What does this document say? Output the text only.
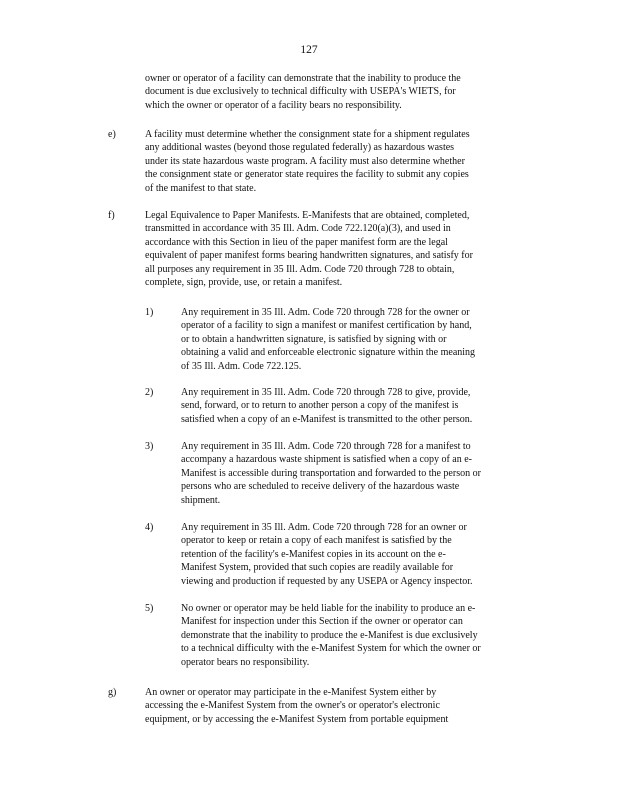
127
owner or operator of a facility can demonstrate that the inability to produce the
document is due exclusively to technical difficulty with USEPA's WIETS, for
which the owner or operator of a facility bears no responsibility.
e)	A facility must determine whether the consignment state for a shipment regulates
any additional wastes (beyond those regulated federally) as hazardous wastes
under its state hazardous waste program. A facility must also determine whether
the consignment state or generator state requires the facility to submit any copies
of the manifest to that state.
f)	Legal Equivalence to Paper Manifests. E-Manifests that are obtained, completed,
transmitted in accordance with 35 Ill. Adm. Code 722.120(a)(3), and used in
accordance with this Section in lieu of the paper manifest form are the legal
equivalent of paper manifest forms bearing handwritten signatures, and satisfy for
all purposes any requirement in 35 Ill. Adm. Code 720 through 728 to obtain,
complete, sign, provide, use, or retain a manifest.
1)	Any requirement in 35 Ill. Adm. Code 720 through 728 for the owner or
operator of a facility to sign a manifest or manifest certification by hand,
or to obtain a handwritten signature, is satisfied by signing with or
obtaining a valid and enforceable electronic signature within the meaning
of 35 Ill. Adm. Code 722.125.
2)	Any requirement in 35 Ill. Adm. Code 720 through 728 to give, provide,
send, forward, or to return to another person a copy of the manifest is
satisfied when a copy of an e-Manifest is transmitted to the other person.
3)	Any requirement in 35 Ill. Adm. Code 720 through 728 for a manifest to
accompany a hazardous waste shipment is satisfied when a copy of an e-
Manifest is accessible during transportation and forwarded to the person or
persons who are scheduled to receive delivery of the hazardous waste
shipment.
4)	Any requirement in 35 Ill. Adm. Code 720 through 728 for an owner or
operator to keep or retain a copy of each manifest is satisfied by the
retention of the facility's e-Manifest copies in its account on the e-
Manifest System, provided that such copies are readily available for
viewing and production if requested by any USEPA or Agency inspector.
5)	No owner or operator may be held liable for the inability to produce an e-
Manifest for inspection under this Section if the owner or operator can
demonstrate that the inability to produce the e-Manifest is due exclusively
to a technical difficulty with the e-Manifest System for which the owner or
operator bears no responsibility.
g)	An owner or operator may participate in the e-Manifest System either by
accessing the e-Manifest System from the owner's or operator's electronic
equipment, or by accessing the e-Manifest System from portable equipment
